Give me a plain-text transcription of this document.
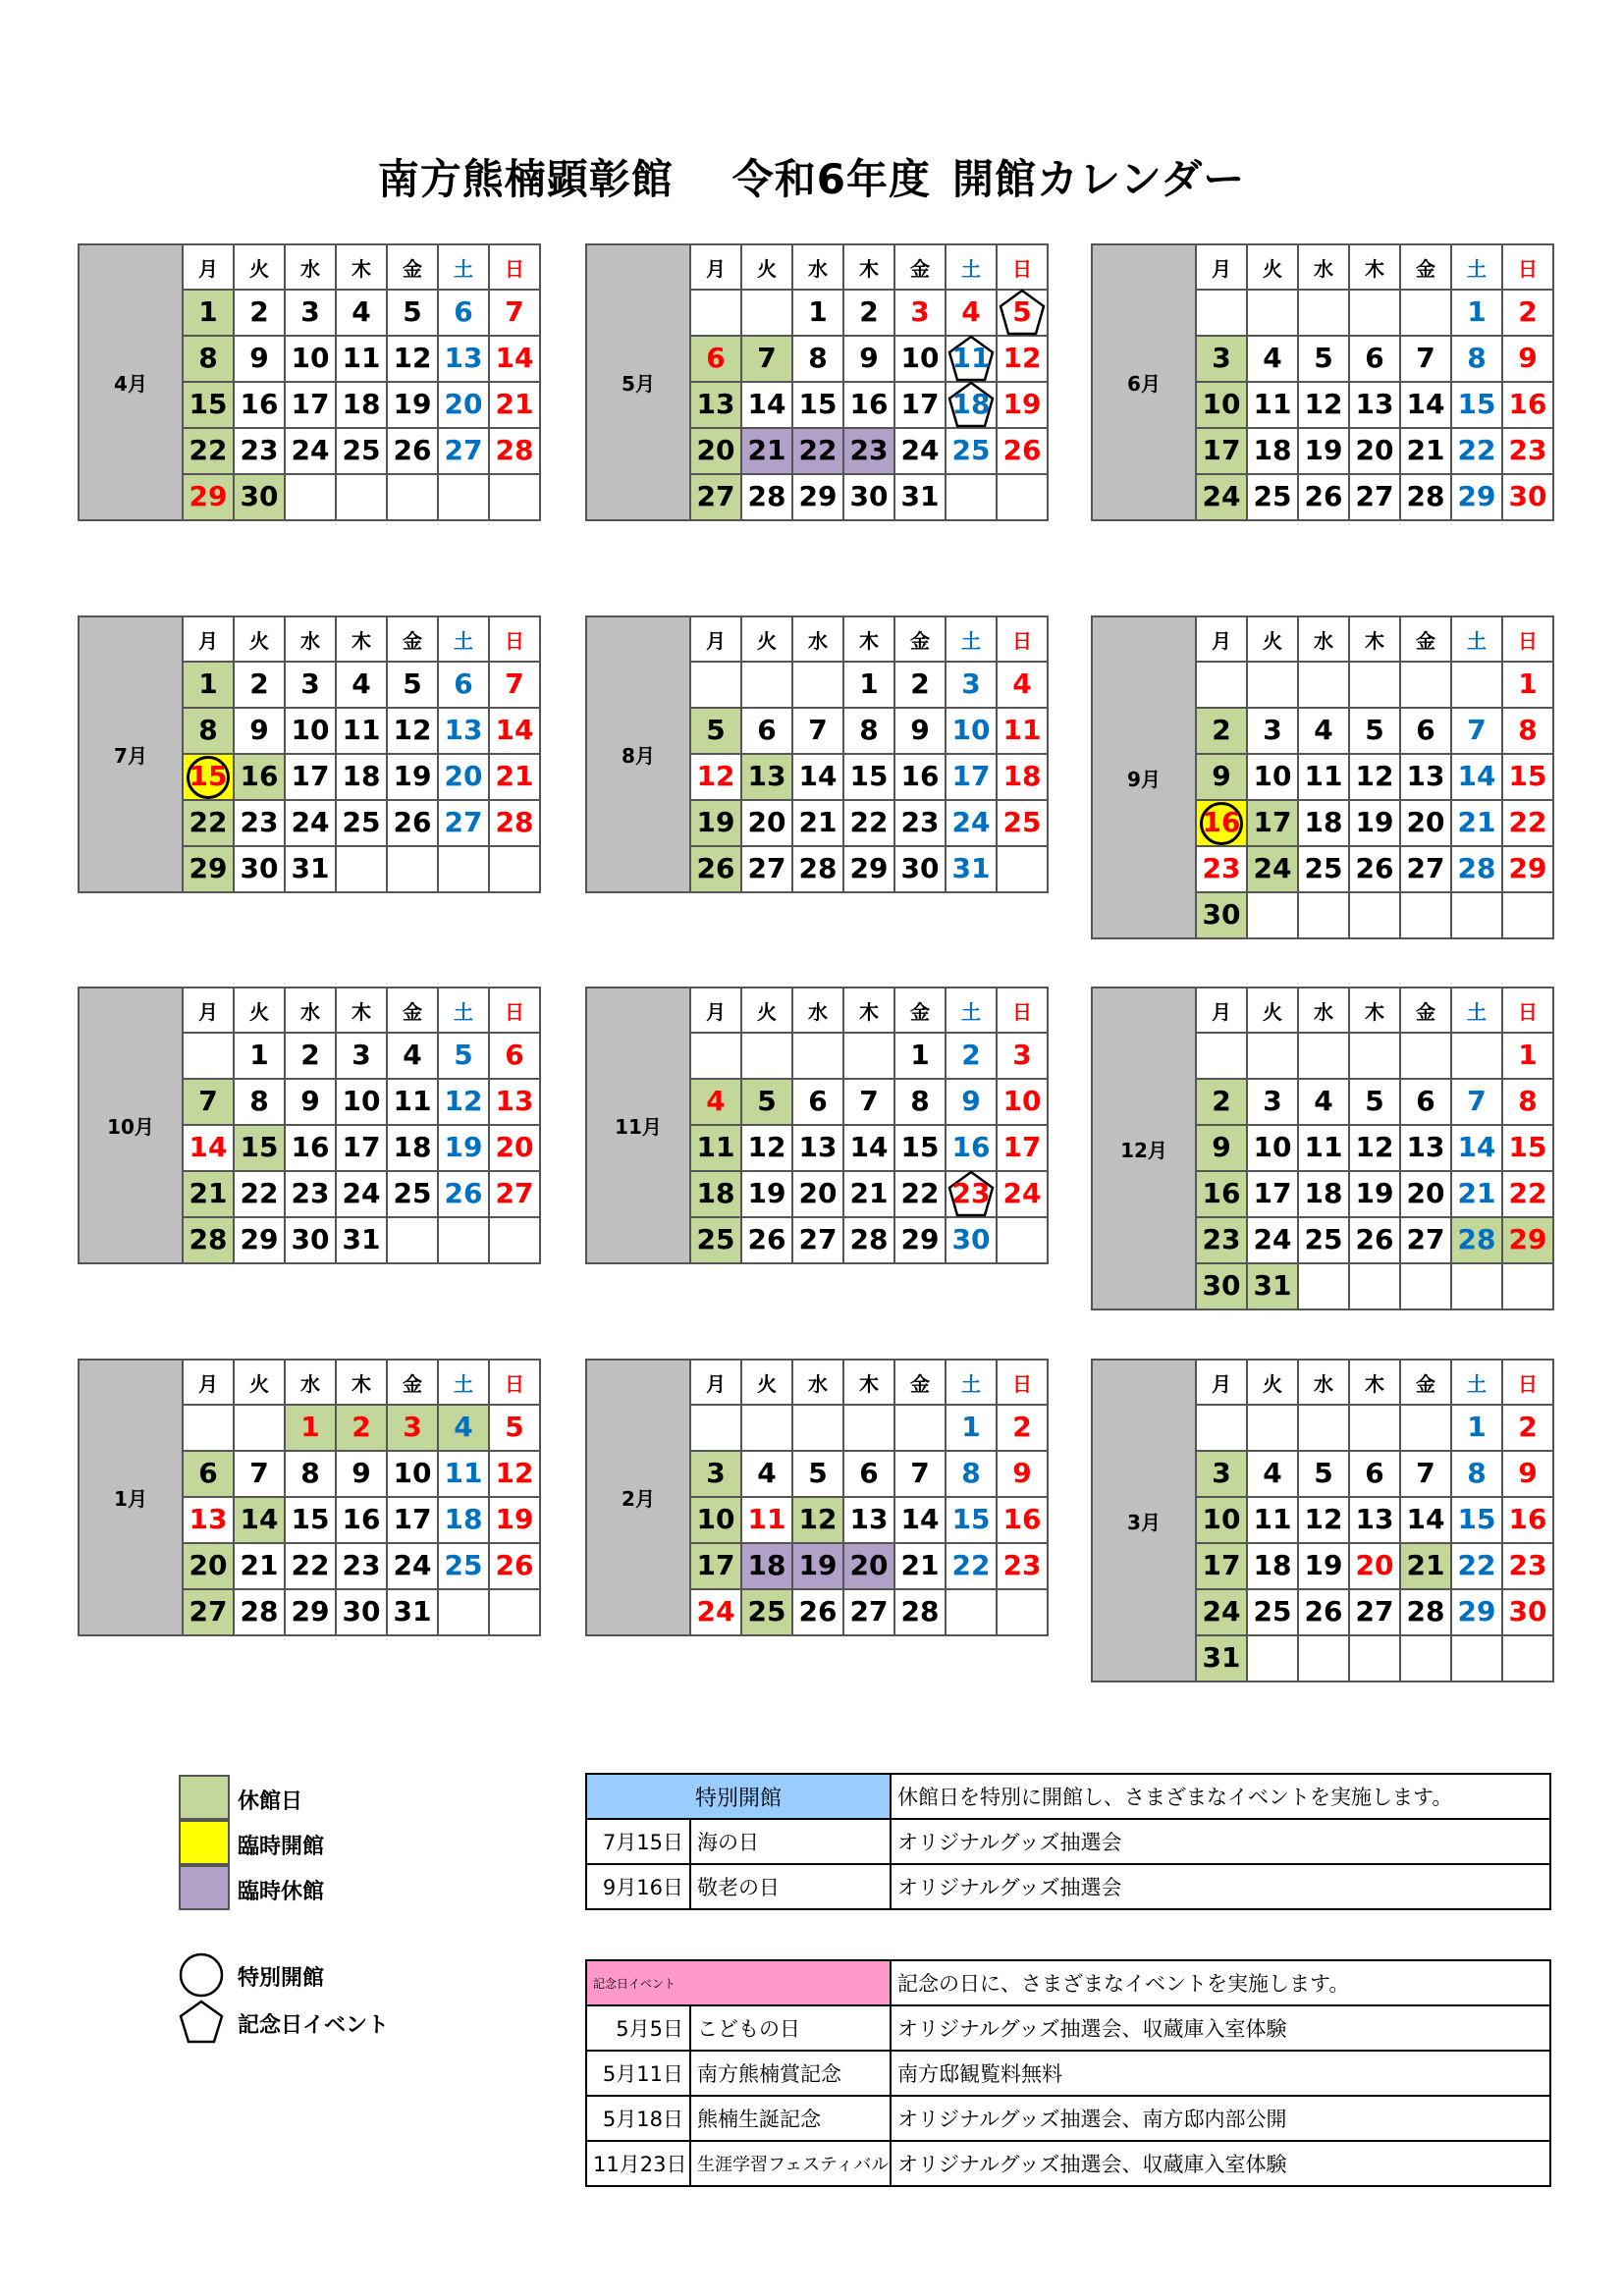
南方熊楠顕彰館 令和6年度 開館カレンダー
4月	月	火	水	木	金	土	日

	1	2	3	4	5	6	7

	8	9	10	11	12	13	14

	15	16	17	18	19	20	21

	22	23	24	25	26	27	28

	29	30					

5月	月	火	水	木	金	土	日

			1	2	3	4	5

	6	7	8	9	10	11	12

	13	14	15	16	17	18	19

	20	21	22	23	24	25	26

	27	28	29	30	31		

6月	月	火	水	木	金	土	日

						1	2

	3	4	5	6	7	8	9

	10	11	12	13	14	15	16

	17	18	19	20	21	22	23

	24	25	26	27	28	29	30
7月	月	火	水	木	金	土	日

	1	2	3	4	5	6	7

	8	9	10	11	12	13	14

15	16	17	18	19	20	21

	22	23	24	25	26	27	28

	29	30	31				

8月	月	火	水	木	金	土	日

				1	2	3	4

	5	6	7	8	9	10	11

	12	13	14	15	16	17	18

	19	20	21	22	23	24	25

	26	27	28	29	30	31	

9月	月	火	水	木	金	土	日

							1

	2	3	4	5	6	7	8

	9	10	11	12	13	14	15

16	17	18	19	20	21	22

	23	24	25	26	27	28	29

	30						

10月	月	火	水	木	金	土	日

		1	2	3	4	5	6

	7	8	9	10	11	12	13

	14	15	16	17	18	19	20

	21	22	23	24	25	26	27

	28	29	30	31			

11月	月	火	水	木	金	土	日

					1	2	3

	4	5	6	7	8	9	10

	11	12	13	14	15	16	17

	18	19	20	21	22	23	24

	25	26	27	28	29	30	

12月	月	火	水	木	金	土	日

							1

	2	3	4	5	6	7	8

	9	10	11	12	13	14	15

	16	17	18	19	20	21	22

	23	24	25	26	27	28	29

	30	31					

1月	月	火	水	木	金	土	日

			1	2	3	4	5

	6	7	8	9	10	11	12

	13	14	15	16	17	18	19

	20	21	22	23	24	25	26

	27	28	29	30	31		

2月	月	火	水	木	金	土	日

						1	2

	3	4	5	6	7	8	9

	10	11	12	13	14	15	16

	17	18	19	20	21	22	23

	24	25	26	27	28		

3月	月	火	水	木	金	土	日

						1	2

	3	4	5	6	7	8	9

	10	11	12	13	14	15	16

	17	18	19	20	21	22	23

	24	25	26	27	28	29	30

	31						

休館日
臨時開館
臨時休館
特別開館
記念日イベント
特別開館		休館日を特別に開館し、さまざまなイベントを実施します。
7月15日	海の日	オリジナルグッズ抽選会
9月16日	敬老の日	オリジナルグッズ抽選会
記念日イベント		記念の日に、さまざまなイベントを実施します。
5月5日	こどもの日	オリジナルグッズ抽選会、収蔵庫入室体験
5月11日	南方熊楠賞記念	南方邸観覧料無料
5月18日	熊楠生誕記念	オリジナルグッズ抽選会、南方邸内部公開
11月23日	生涯学習フェスティバル	オリジナルグッズ抽選会、収蔵庫入室体験
